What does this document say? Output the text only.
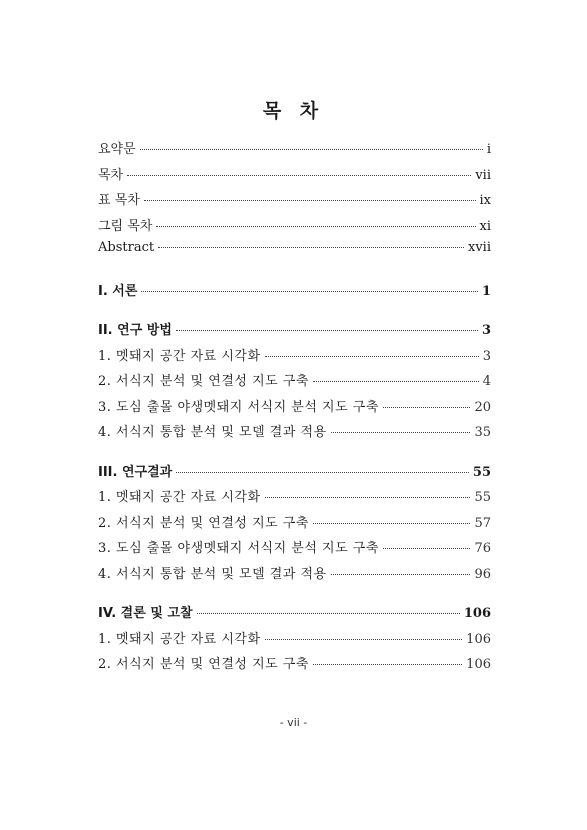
목 차
요약문	i
목차	vii
표 목차	ix
그림 목차	xi
Abstract	xvii
I. 서론	1
II. 연구 방법	3
1. 멧돼지 공간 자료 시각화	3
2. 서식지 분석 및 연결성 지도 구축	4
3. 도심 출몰 야생멧돼지 서식지 분석 지도 구축	20
4. 서식지 통합 분석 및 모델 결과 적용	35
III. 연구결과	55
1. 멧돼지 공간 자료 시각화	55
2. 서식지 분석 및 연결성 지도 구축	57
3. 도심 출몰 야생멧돼지 서식지 분석 지도 구축	76
4. 서식지 통합 분석 및 모델 결과 적용	96
IV. 결론 및 고찰	106
1. 멧돼지 공간 자료 시각화	106
2. 서식지 분석 및 연결성 지도 구축	106
- vii -
